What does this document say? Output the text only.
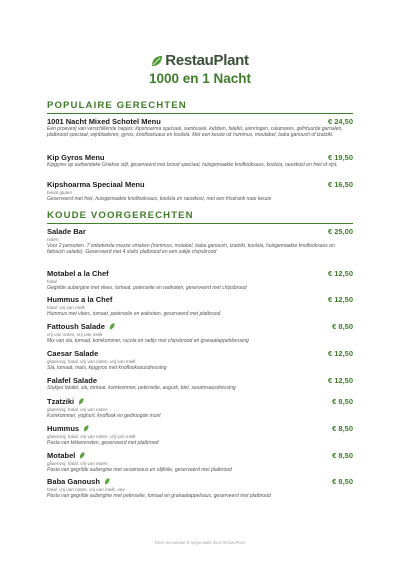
RestauPlant
1000 en 1 Nacht
POPULAIRE GERECHTEN
1001 Nacht Mixed Schotel Menu	€ 24,50
Een proeverij van verschillende hapjes: kipshoarma speciaal, sambusek, kebben, falafel, uienringen, calamares, gefrituurde garnalen, platbrood speciaal, wijnbladeren, gyros, knoflooksaus en koolsla. Met een keuze uit hummus, moutabel, baba ganoush of tzatziki.
Kip Gyros Menu	€ 19,50
Kipgyros op authentieke Griekse stijl, geserveerd met brood speciaal, huisgemaakte knoflooksaus, koolsla, rauwkost en friet of rijst.
Kipshoarma Speciaal Menu	€ 16,50
bevat gluten
Geserveerd met friet, huisgemaakte knoflooksaus, koolsla en rauwkost, met een frisdrank naar keuze
KOUDE VOORGERECHTEN
Salade Bar	€ 25,00
noten
Voor 2 personen. 7 onbetwiste mezze smaken (hummus, motabel, baba ganoush, tzatziki, koolsla, huisgemaakte knoflooksaus en fattoush salade). Geserveerd met 4 stuks platbrood en een zakje chipsbrood
Motabel a la Chef	€ 12,50
halal
Gegrilde aubergine met vlees, tomaat, peterselie en walnoten, geserveerd met chipsbrood
Hummus a la Chef	€ 12,50
halal, vrij van melk
Hummus met vlees, tomaat, peterselie en walnoten, geserveerd met platbrood
Fattoush Salade	€ 8,50
vrij van noten, vrij van melk
Mix van sla, tomaat, komkommer, rucola en radijs met chipsbrood en granaatappeldressing
Caesar Salade	€ 12,50
glutenvrij, halal, vrij van noten, vrij van melk
Sla, tomaat, maïs, kipgyros met knoflooksausdressing
Falafel Salade	€ 12,50
Stukjes falafel, sla, tomaat, komkommer, peterselie, augurk, biet, sesamsausdressing
Tzatziki	€ 8,50
glutenvrij, halal, vrij van noten
Komkommer, yoghurt, knoflook en gedroogde munt
Hummus	€ 8,50
glutenvrij, halal, vrij van noten, vrij van melk
Pasta van kikkererwten, geserveerd met platbrood
Motabel	€ 8,50
glutenvrij, halal, vrij van noten
Pasta van gegrilde aubergine met sesamsaus en olijfolie, geserveerd met platbrood
Baba Ganoush	€ 8,50
halal, vrij van noten, vrij van melk, raw
Pasta van gegrilde aubergine met peterselie, tomaat en granaatappelsaus, geserveerd met platbrood
Deze menukaart is opgemaakt door RestauPlant
